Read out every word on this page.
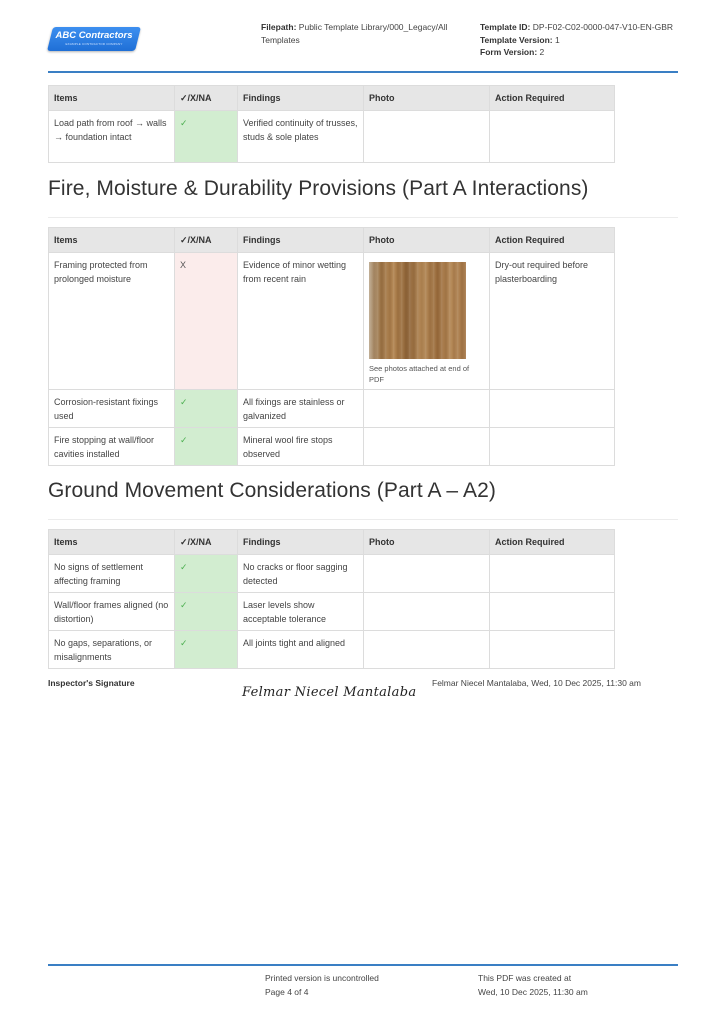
ABC Contractors
EXAMPLE CONTRACTOR COMPANY
Filepath: Public Template Library/000_Legacy/All Templates
Template ID: DP-F02-C02-0000-047-V10-EN-GBR
Template Version: 1
Form Version: 2
Items	✓/X/NA	Findings	Photo	Action Required
Load path from roof → walls → foundation intact	✓	Verified continuity of trusses, studs & sole plates		
Fire, Moisture & Durability Provisions (Part A Interactions)
Items	✓/X/NA	Findings	Photo	Action Required
Framing protected from prolonged moisture	X	Evidence of minor wetting from recent rain	See photos attached at end of PDF	Dry-out required before plasterboarding
Corrosion-resistant fixings used	✓	All fixings are stainless or galvanized		
Fire stopping at wall/floor cavities installed	✓	Mineral wool fire stops observed		
Ground Movement Considerations (Part A – A2)
Items	✓/X/NA	Findings	Photo	Action Required
No signs of settlement affecting framing	✓	No cracks or floor sagging detected		
Wall/floor frames aligned (no distortion)	✓	Laser levels show acceptable tolerance		
No gaps, separations, or misalignments	✓	All joints tight and aligned		
Inspector's Signature
Felmar Niecel Mantalaba
Felmar Niecel Mantalaba, Wed, 10 Dec 2025, 11:30 am
Printed version is uncontrolled
Page 4 of 4
This PDF was created at
Wed, 10 Dec 2025, 11:30 am
